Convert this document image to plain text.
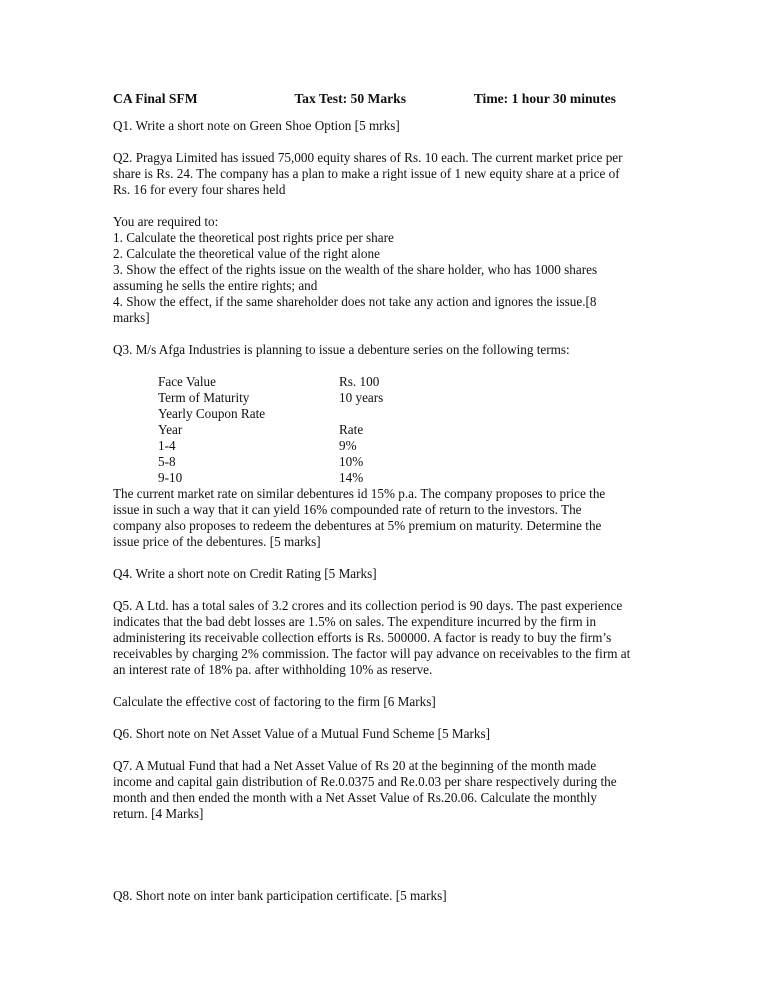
CA Final SFM	Tax Test: 50 Marks	Time: 1 hour 30 minutes

Q1. Write a short note on Green Shoe Option [5 mrks]

Q2. Pragya Limited has issued 75,000 equity shares of Rs. 10 each. The current market price per

share is Rs. 24. The company has a plan to make a right issue of 1 new equity share at a price of

Rs. 16 for every four shares held

You are required to:

1. Calculate the theoretical post rights price per share

2. Calculate the theoretical value of the right alone

3. Show the effect of the rights issue on the wealth of the share holder, who has 1000 shares

assuming he sells the entire rights; and

4. Show the effect, if the same shareholder does not take any action and ignores the issue.[8

marks]

Q3. M/s Afga Industries is planning to issue a debenture series on the following terms:

Face Value	Rs. 100
Term of Maturity	10 years
Yearly Coupon Rate
Year	Rate
1-4	9%
5-8	10%
9-10	14%

The current market rate on similar debentures id 15% p.a. The company proposes to price the

issue in such a way that it can yield 16% compounded rate of return to the investors. The

company also proposes to redeem the debentures at 5% premium on maturity. Determine the

issue price of the debentures. [5 marks]

Q4. Write a short note on Credit Rating [5 Marks]

Q5. A Ltd. has a total sales of 3.2 crores and its collection period is 90 days. The past experience

indicates that the bad debt losses are 1.5% on sales. The expenditure incurred by the firm in

administering its receivable collection efforts is Rs. 500000. A factor is ready to buy the firm’s

receivables by charging 2% commission. The factor will pay advance on receivables to the firm at

an interest rate of 18% pa. after withholding 10% as reserve.

Calculate the effective cost of factoring to the firm [6 Marks]

Q6. Short note on Net Asset Value of a Mutual Fund Scheme [5 Marks]

Q7. A Mutual Fund that had a Net Asset Value of Rs 20 at the beginning of the month made

income and capital gain distribution of Re.0.0375 and Re.0.03 per share respectively during the

month and then ended the month with a Net Asset Value of Rs.20.06. Calculate the monthly

return. [4 Marks]

Q8. Short note on inter bank participation certificate. [5 marks]
